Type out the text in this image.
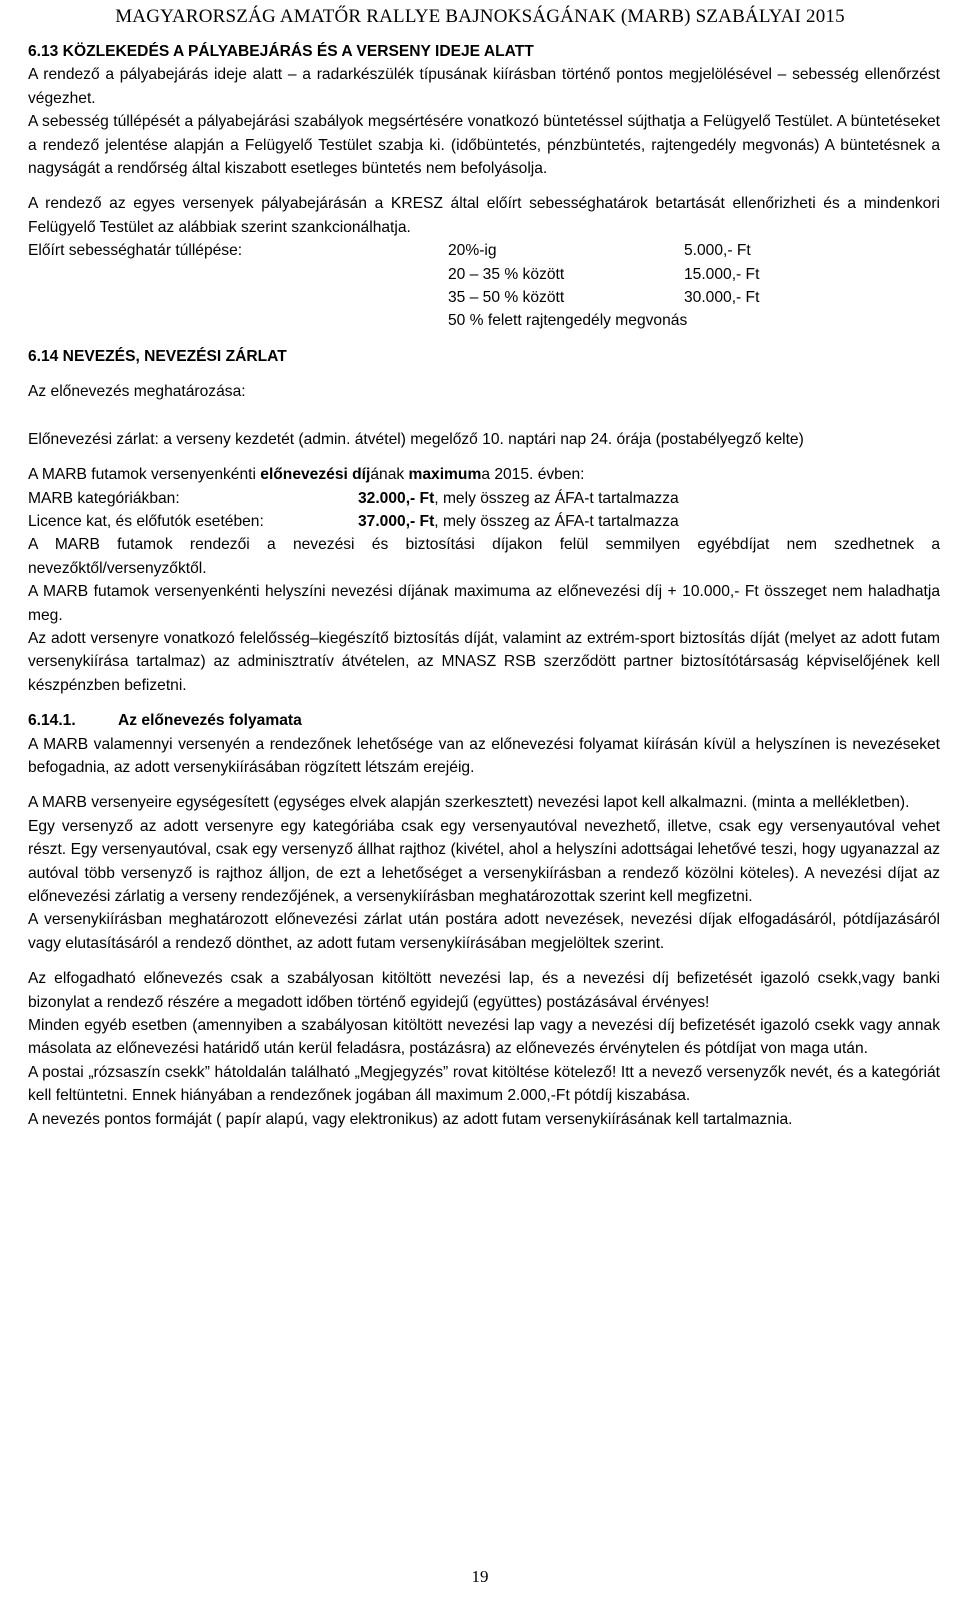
MAGYARORSZÁG AMATŐR RALLYE BAJNOKSÁGÁNAK (MARB) SZABÁLYAI 2015
6.13 KÖZLEKEDÉS A PÁLYABEJÁRÁS ÉS A VERSENY IDEJE ALATT

A rendező a pályabejárás ideje alatt – a radarkészülék típusának kiírásban történő pontos megjelölésével – sebesség ellenőrzést végezhet.

A sebesség túllépését a pályabejárási szabályok megsértésére vonatkozó büntetéssel sújthatja a Felügyelő Testület. A büntetéseket a rendező jelentése alapján a Felügyelő Testület szabja ki. (időbüntetés, pénzbüntetés, rajtengedély megvonás) A büntetésnek a nagyságát a rendőrség által kiszabott esetleges büntetés nem befolyásolja.

A rendező az egyes versenyek pályabejárásán a KRESZ által előírt sebességhatárok betartását ellenőrizheti és a mindenkori Felügyelő Testület az alábbiak szerint szankcionálhatja.

Előírt sebességhatár túllépése:	20%-ig	5.000,- Ft
20 – 35 % között	15.000,- Ft
35 – 50 % között	30.000,- Ft
50 % felett rajtengedély megvonás
6.14 NEVEZÉS, NEVEZÉSI ZÁRLAT

Az előnevezés meghatározása:

Előnevezési zárlat: a verseny kezdetét (admin. átvétel) megelőző 10. naptári nap 24. órája (postabélyegző kelte)

A MARB futamok versenyenkénti előnevezési díjának maximuma 2015. évben:

MARB kategóriákban:	32.000,- Ft, mely összeg az ÁFA-t tartalmazza
Licence kat, és előfutók esetében:	37.000,- Ft, mely összeg az ÁFA-t tartalmazza

A MARB futamok rendezői a nevezési és biztosítási díjakon felül semmilyen egyébdíjat nem szedhetnek a nevezőktől/versenyzőktől.

A MARB futamok versenyenkénti helyszíni nevezési díjának maximuma az előnevezési díj + 10.000,- Ft összeget nem haladhatja meg.

Az adott versenyre vonatkozó felelősség–kiegészítő biztosítás díját, valamint az extrém-sport biztosítás díját (melyet az adott futam versenykiírása tartalmaz) az adminisztratív átvételen, az MNASZ RSB szerződött partner biztosítótársaság képviselőjének kell készpénzben befizetni.

6.14.1.	Az előnevezés folyamata

A MARB valamennyi versenyén a rendezőnek lehetősége van az előnevezési folyamat kiírásán kívül a helyszínen is nevezéseket befogadnia, az adott versenykiírásában rögzített létszám erejéig.

A MARB versenyeire egységesített (egységes elvek alapján szerkesztett) nevezési lapot kell alkalmazni. (minta a mellékletben).

Egy versenyző az adott versenyre egy kategóriába csak egy versenyautóval nevezhető, illetve, csak egy versenyautóval vehet részt. Egy versenyautóval, csak egy versenyző állhat rajthoz (kivétel, ahol a helyszíni adottságai lehetővé teszi, hogy ugyanazzal az autóval több versenyző is rajthoz álljon, de ezt a lehetőséget a versenykiírásban a rendező közölni köteles). A nevezési díjat az előnevezési zárlatig a verseny rendezőjének, a versenykiírásban meghatározottak szerint kell megfizetni.

A versenykiírásban meghatározott előnevezési zárlat után postára adott nevezések, nevezési díjak elfogadásáról, pótdíjazásáról vagy elutasításáról a rendező dönthet, az adott futam versenykiírásában megjelöltek szerint.

Az elfogadható előnevezés csak a szabályosan kitöltött nevezési lap, és a nevezési díj befizetését igazoló csekk,vagy banki bizonylat a rendező részére a megadott időben történő egyidejű (együttes) postázásával érvényes!

Minden egyéb esetben (amennyiben a szabályosan kitöltött nevezési lap vagy a nevezési díj befizetését igazoló csekk vagy annak másolata az előnevezési határidő után kerül feladásra, postázásra) az előnevezés érvénytelen és pótdíjat von maga után.

A postai „rózsaszín csekk” hátoldalán található „Megjegyzés” rovat kitöltése kötelező! Itt a nevező versenyzők nevét, és a kategóriát kell feltüntetni. Ennek hiányában a rendezőnek jogában áll maximum 2.000,-Ft pótdíj kiszabása.

A nevezés pontos formáját ( papír alapú, vagy elektronikus) az adott futam versenykiírásának kell tartalmaznia.

19
